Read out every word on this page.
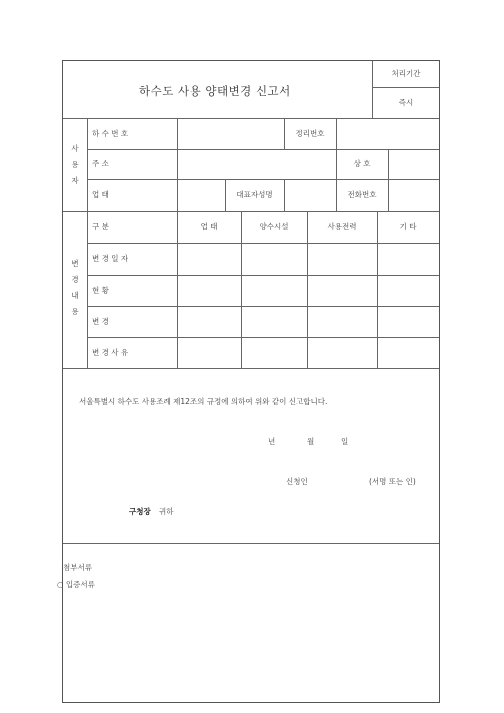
하수도 사용 양태변경 신고서
처리기간
즉시
사
용
자
하 수 번 호	정리번호
주 소	상 호
업 태	대표자성명	전화번호
변
경
내
용
구 분	업 태	양수시설	사용전력	기 타
변 경 일 자
현 황
변 경
변 경 사 유
서울특별시 하수도 사용조례 제12조의 규정에 의하여 위와 같이 신고합니다.
년	월	일
신청인	(서명 또는 인)
구청장 귀하
첨부서류
○ 입증서류
